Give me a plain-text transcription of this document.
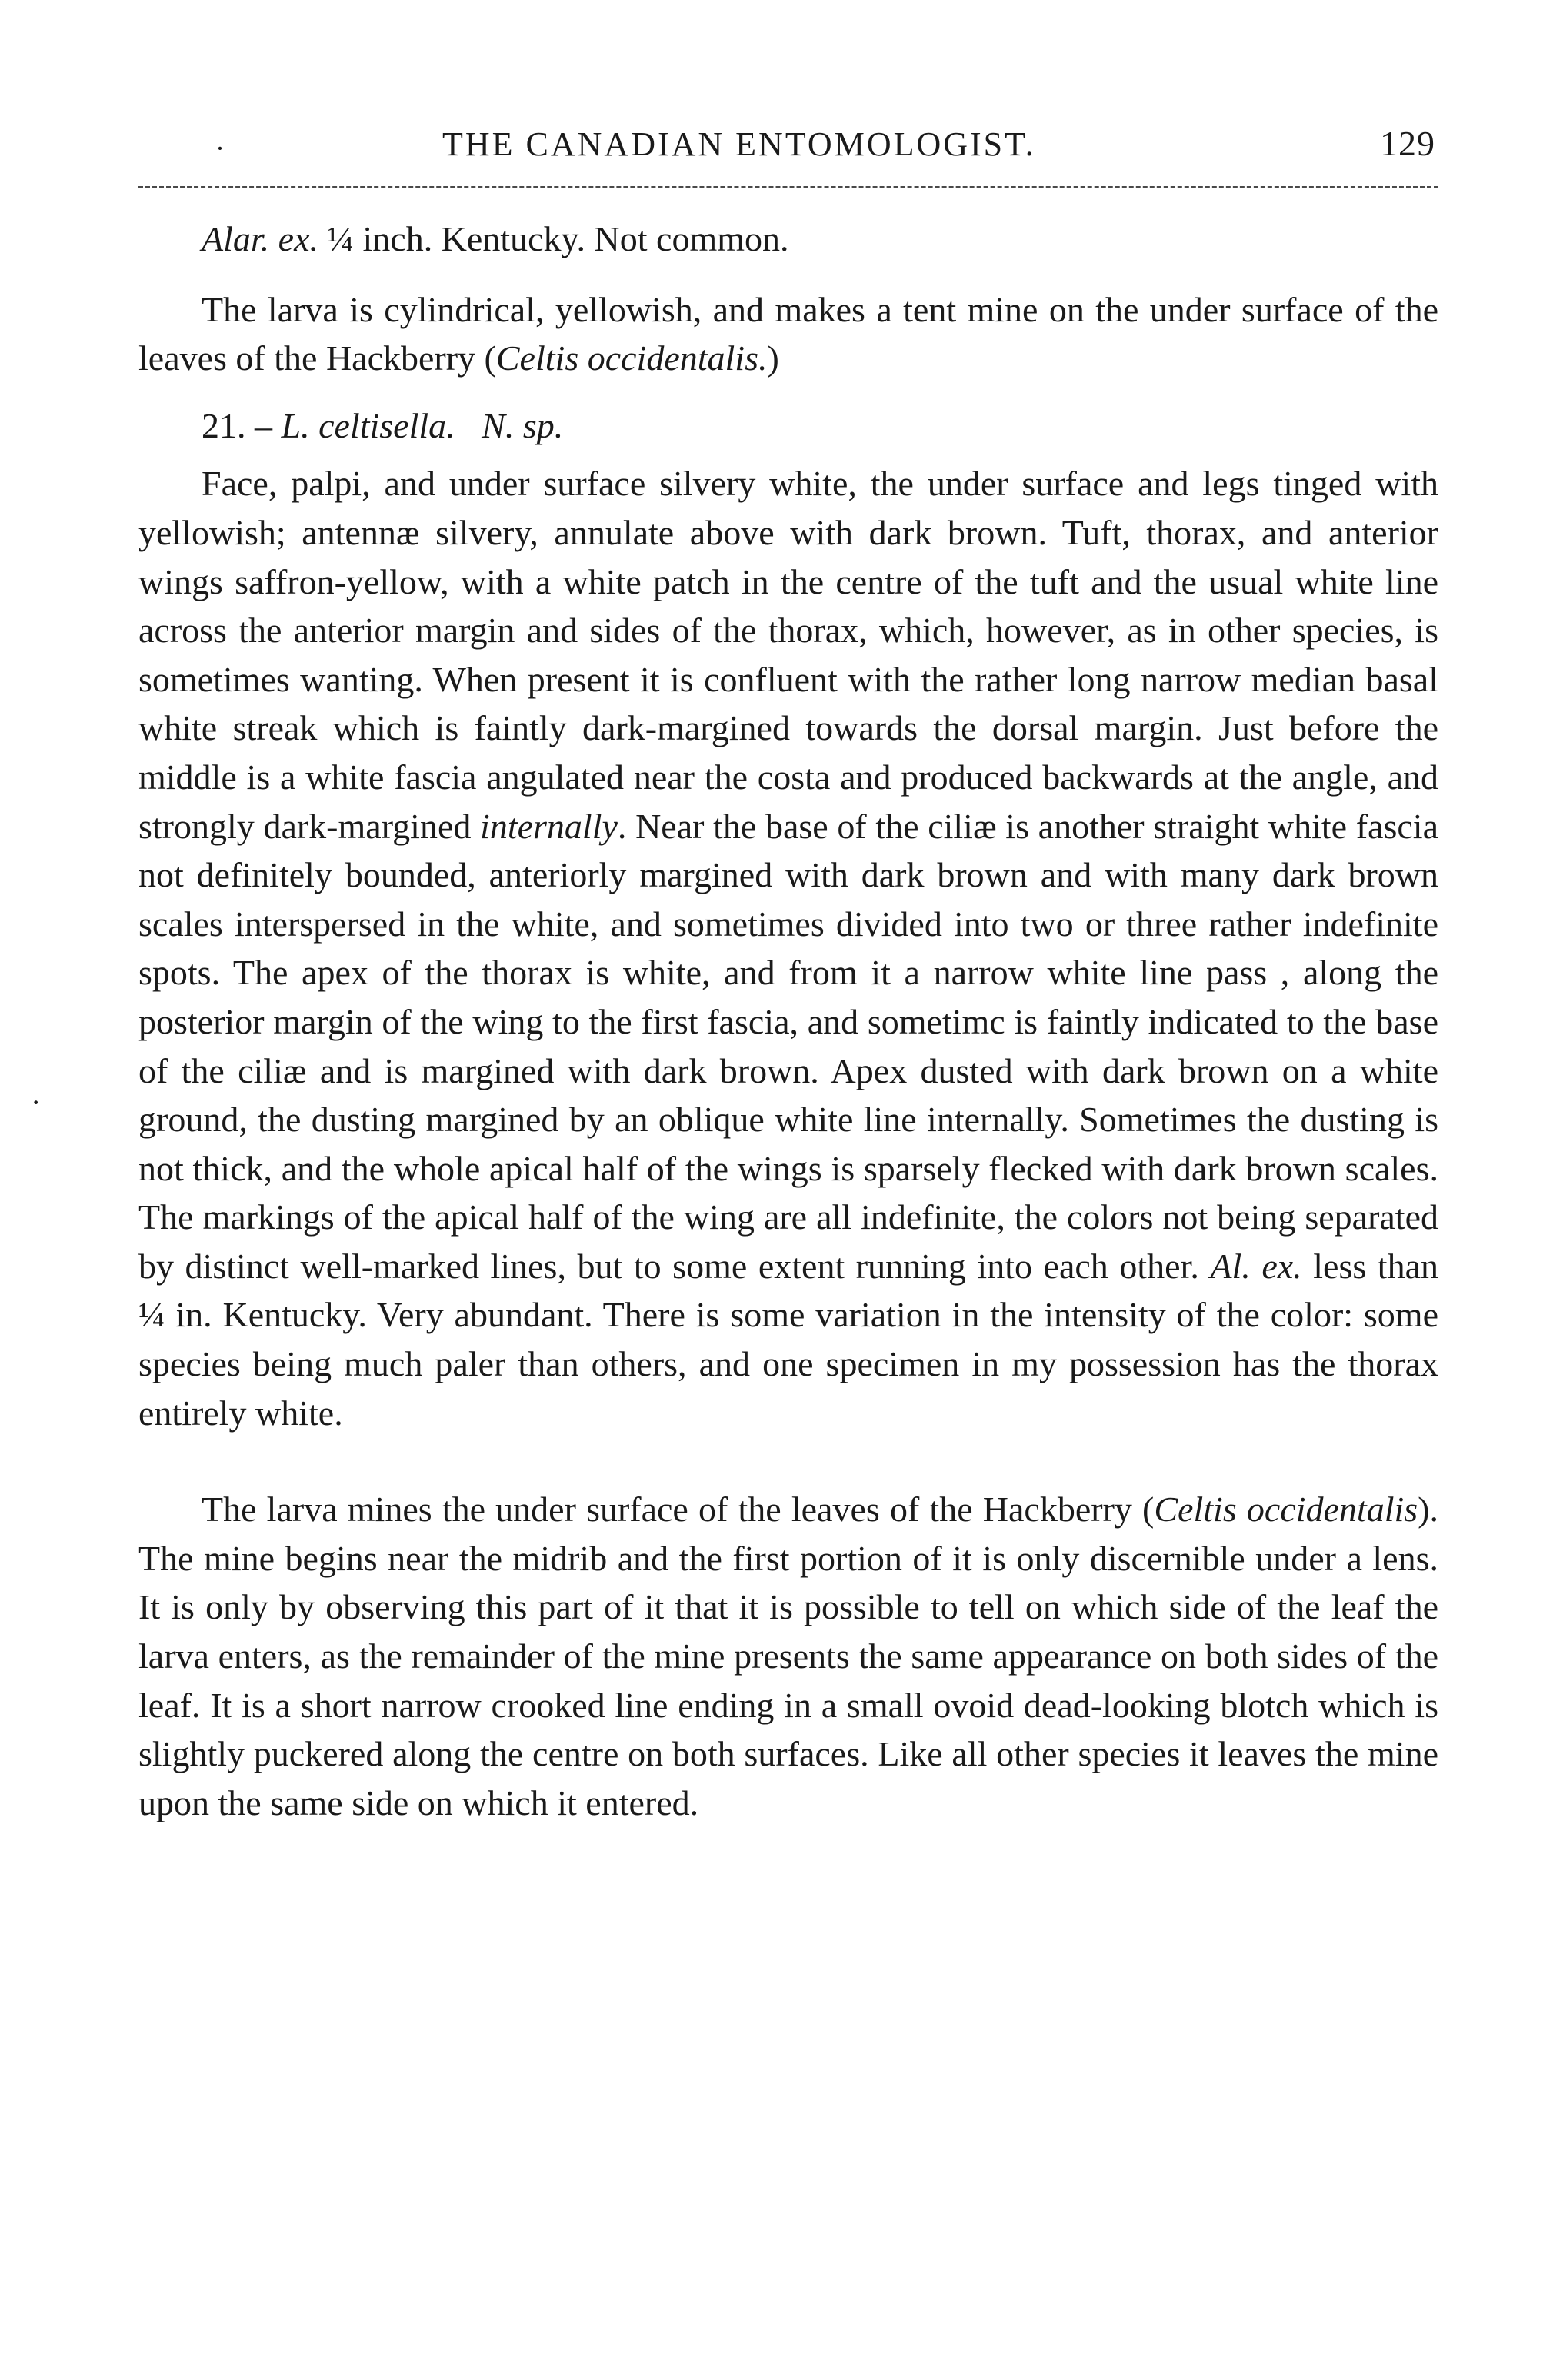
·	THE CANADIAN ENTOMOLOGIST.	129

Alar. ex. ¼ inch. Kentucky. Not common.

The larva is cylindrical, yellowish, and makes a tent mine on the under surface of the leaves of the Hackberry (Celtis occidentalis.)

21. – L. celtisella. N. sp.

Face, palpi, and under surface silvery white, the under surface and legs tinged with yellowish; antennæ silvery, annulate above with dark brown. Tuft, thorax, and anterior wings saffron-yellow, with a white patch in the centre of the tuft and the usual white line across the anterior margin and sides of the thorax, which, however, as in other species, is sometimes wanting. When present it is confluent with the rather long narrow median basal white streak which is faintly dark-margined towards the dorsal margin. Just before the middle is a white fascia angulated near the costa and produced backwards at the angle, and strongly dark-margined internally. Near the base of the ciliæ is another straight white fascia not definitely bounded, anteriorly margined with dark brown and with many dark brown scales interspersed in the white, and sometimes divided into two or three rather indefinite spots. The apex of the thorax is white, and from it a narrow white line pass , along the posterior margin of the wing to the first fascia, and sometimc is faintly indicated to the base of the ciliæ and is margined with dark brown. Apex dusted with dark brown on a white ground, the dusting margined by an oblique white line internally. Sometimes the dusting is not thick, and the whole apical half of the wings is sparsely flecked with dark brown scales. The markings of the apical half of the wing are all indefinite, the colors not being separated by distinct well-marked lines, but to some extent running into each other. Al. ex. less than ¼ in. Kentucky. Very abundant. There is some variation in the intensity of the color: some species being much paler than others, and one specimen in my possession has the thorax entirely white.

The larva mines the under surface of the leaves of the Hackberry (Celtis occidentalis). The mine begins near the midrib and the first portion of it is only discernible under a lens. It is only by observing this part of it that it is possible to tell on which side of the leaf the larva enters, as the remainder of the mine presents the same appearance on both sides of the leaf. It is a short narrow crooked line ending in a small ovoid dead-looking blotch which is slightly puckered along the centre on both surfaces. Like all other species it leaves the mine upon the same side on which it entered.

·
